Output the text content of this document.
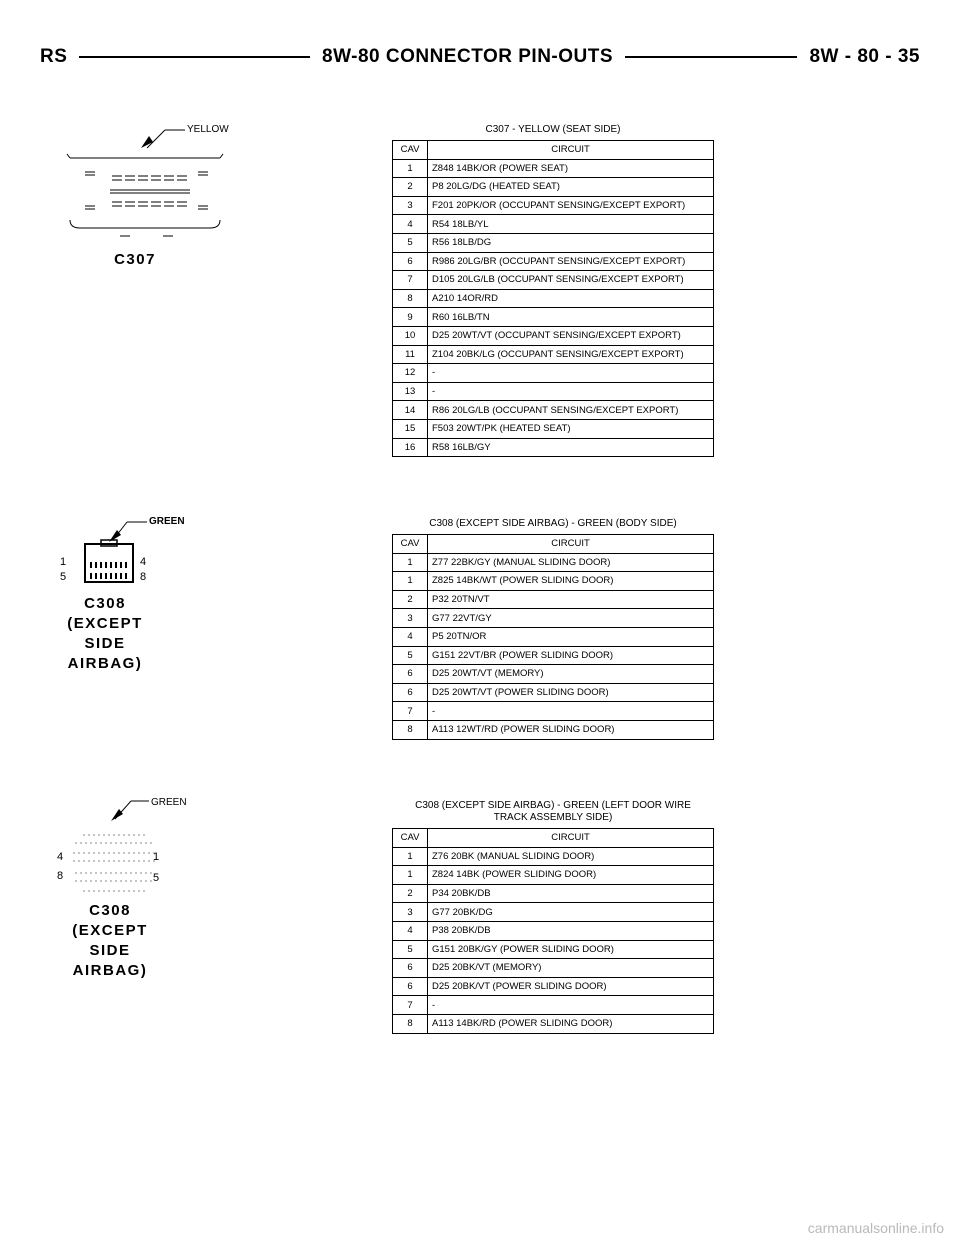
RS	8W-80 CONNECTOR PIN-OUTS	8W - 80 - 35
YELLOW
C307
GREEN
1	4
5	8
C308
(EXCEPT
SIDE AIRBAG)
GREEN
4	1
8	5
C308
(EXCEPT
SIDE AIRBAG)
C307 - YELLOW (SEAT SIDE)
CAV	CIRCUIT
1	Z848 14BK/OR (POWER SEAT)
2	P8 20LG/DG (HEATED SEAT)
3	F201 20PK/OR (OCCUPANT SENSING/EXCEPT EXPORT)
4	R54 18LB/YL
5	R56 18LB/DG
6	R986 20LG/BR (OCCUPANT SENSING/EXCEPT EXPORT)
7	D105 20LG/LB (OCCUPANT SENSING/EXCEPT EXPORT)
8	A210 14OR/RD
9	R60 16LB/TN
10	D25 20WT/VT (OCCUPANT SENSING/EXCEPT EXPORT)
11	Z104 20BK/LG (OCCUPANT SENSING/EXCEPT EXPORT)
12	-
13	-
14	R86 20LG/LB (OCCUPANT SENSING/EXCEPT EXPORT)
15	F503 20WT/PK (HEATED SEAT)
16	R58 16LB/GY
C308 (EXCEPT SIDE AIRBAG) - GREEN (BODY SIDE)
CAV	CIRCUIT
1	Z77 22BK/GY (MANUAL SLIDING DOOR)
1	Z825 14BK/WT (POWER SLIDING DOOR)
2	P32 20TN/VT
3	G77 22VT/GY
4	P5 20TN/OR
5	G151 22VT/BR (POWER SLIDING DOOR)
6	D25 20WT/VT (MEMORY)
6	D25 20WT/VT (POWER SLIDING DOOR)
7	-
8	A113 12WT/RD (POWER SLIDING DOOR)
C308 (EXCEPT SIDE AIRBAG) - GREEN (LEFT DOOR WIRE TRACK ASSEMBLY SIDE)
CAV	CIRCUIT
1	Z76 20BK (MANUAL SLIDING DOOR)
1	Z824 14BK (POWER SLIDING DOOR)
2	P34 20BK/DB
3	G77 20BK/DG
4	P38 20BK/DB
5	G151 20BK/GY (POWER SLIDING DOOR)
6	D25 20BK/VT (MEMORY)
6	D25 20BK/VT (POWER SLIDING DOOR)
7	-
8	A113 14BK/RD (POWER SLIDING DOOR)
carmanualsonline.info
